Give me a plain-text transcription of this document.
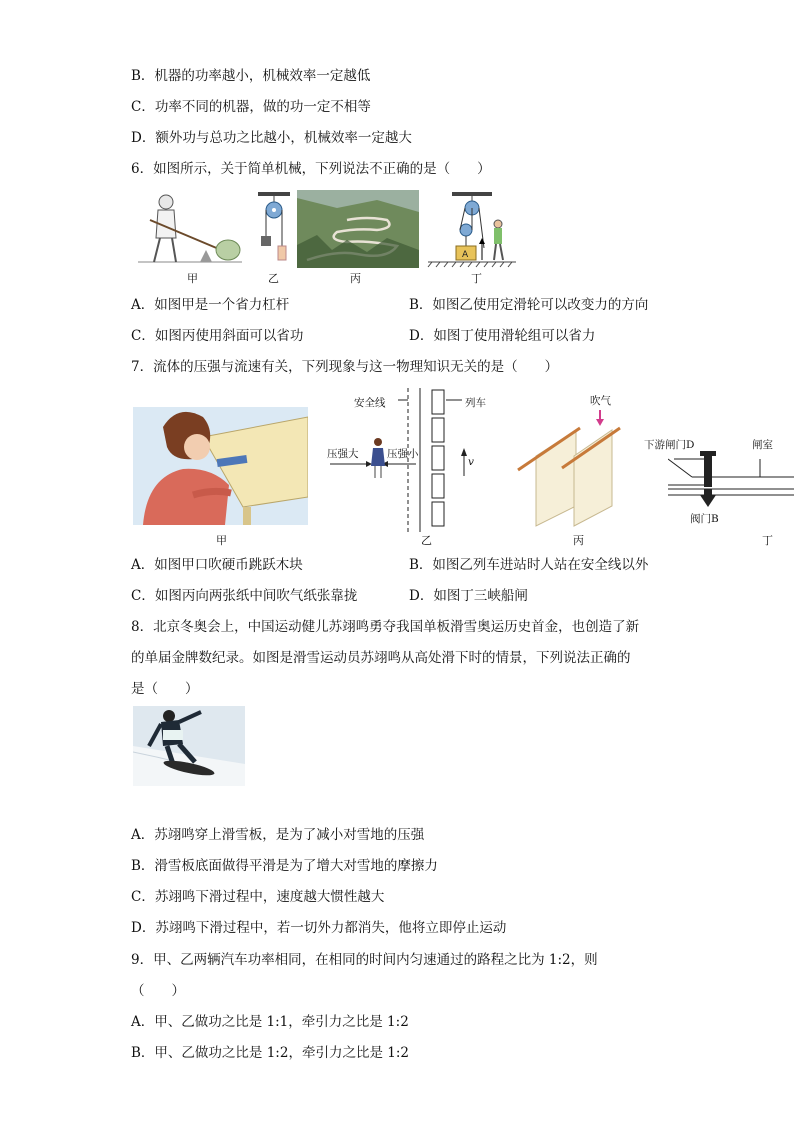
B．机器的功率越小，机械效率一定越低
C．功率不同的机器，做的功一定不相等
D．额外功与总功之比越小，机械效率一定越大
6．如图所示，关于简单机械，下列说法不正确的是（　　）
A
甲	乙	丙	丁
A．如图甲是一个省力杠杆	B．如图乙使用定滑轮可以改变力的方向
C．如图丙使用斜面可以省功	D．如图丁使用滑轮组可以省力
7．流体的压强与流速有关，下列现象与这一物理知识无关的是（　　）
安全线	列车
压强大	压强小
v
吹气
下游闸门D	闸室
阀门B
甲	乙	丙	丁
A．如图甲口吹硬币跳跃木块	B．如图乙列车进站时人站在安全线以外
C．如图丙向两张纸中间吹气纸张靠拢	D．如图丁三峡船闸
8．北京冬奥会上，中国运动健儿苏翊鸣勇夺我国单板滑雪奥运历史首金，也创造了新
的单届金牌数纪录。如图是滑雪运动员苏翊鸣从高处滑下时的情景，下列说法正确的
是（　　）
A．苏翊鸣穿上滑雪板，是为了减小对雪地的压强
B．滑雪板底面做得平滑是为了增大对雪地的摩擦力
C．苏翊鸣下滑过程中，速度越大惯性越大
D．苏翊鸣下滑过程中，若一切外力都消失，他将立即停止运动
9．甲、乙两辆汽车功率相同，在相同的时间内匀速通过的路程之比为 1:2，则
（　　）
A．甲、乙做功之比是 1:1，牵引力之比是 1:2
B．甲、乙做功之比是 1:2，牵引力之比是 1:2
